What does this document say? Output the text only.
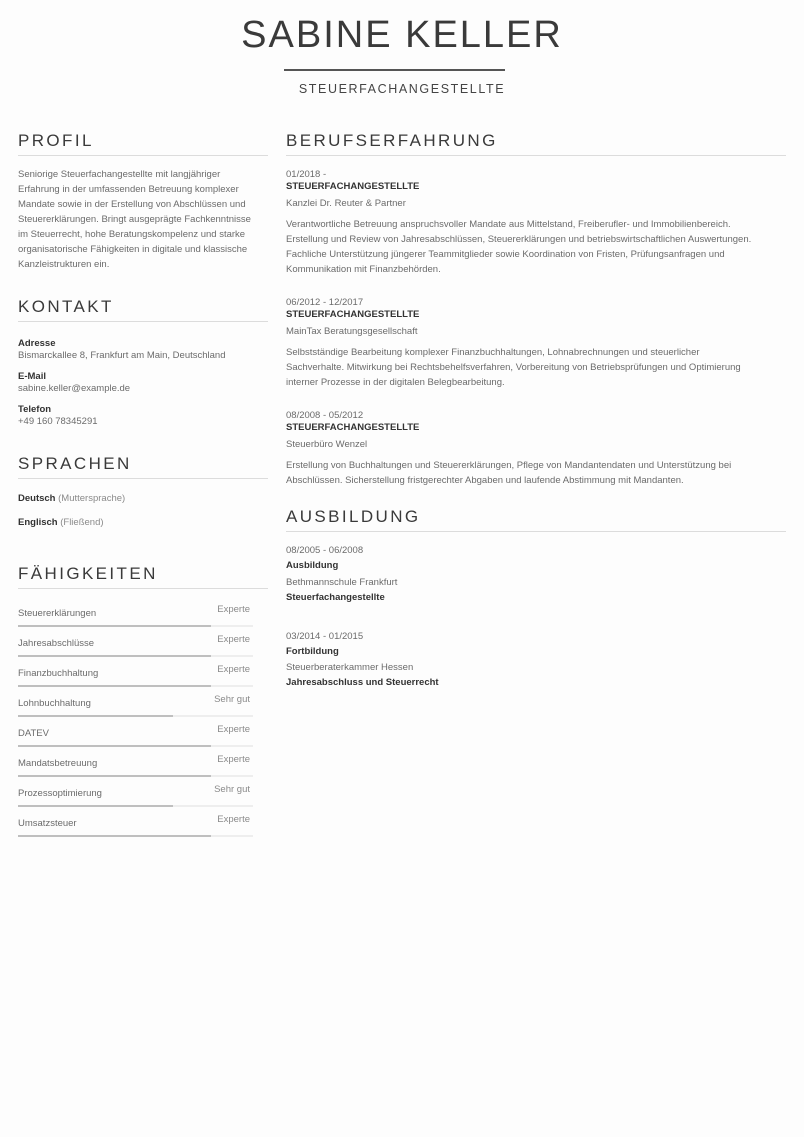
SABINE KELLER
STEUERFACHANGESTELLTE
PROFIL
Seniorige Steuerfachangestellte mit langjähriger
Erfahrung in der umfassenden Betreuung komplexer
Mandate sowie in der Erstellung von Abschlüssen und
Steuererklärungen. Bringt ausgeprägte Fachkenntnisse
im Steuerrecht, hohe Beratungskompelenz und starke
organisatorische Fähigkeiten in digitale und klassische
Kanzleistrukturen ein.
KONTAKT
Adresse
Bismarckallee 8, Frankfurt am Main, Deutschland
E-Mail
sabine.keller@example.de
Telefon
+49 160 78345291
SPRACHEN
Deutsch (Muttersprache)
Englisch (Fließend)
FÄHIGKEITEN
Steuererklärungen	Experte
Jahresabschlüsse	Experte
Finanzbuchhaltung	Experte
Lohnbuchhaltung	Sehr gut
DATEV	Experte
Mandatsbetreuung	Experte
Prozessoptimierung	Sehr gut
Umsatzsteuer	Experte
BERUFSERFAHRUNG
01/2018 -
STEUERFACHANGESTELLTE
Kanzlei Dr. Reuter & Partner
Verantwortliche Betreuung anspruchsvoller Mandate aus Mittelstand, Freiberufler- und Immobilienbereich.
Erstellung und Review von Jahresabschlüssen, Steuererklärungen und betriebswirtschaftlichen Auswertungen.
Fachliche Unterstützung jüngerer Teammitglieder sowie Koordination von Fristen, Prüfungsanfragen und
Kommunikation mit Finanzbehörden.
06/2012 - 12/2017
STEUERFACHANGESTELLTE
MainTax Beratungsgesellschaft
Selbstständige Bearbeitung komplexer Finanzbuchhaltungen, Lohnabrechnungen und steuerlicher
Sachverhalte. Mitwirkung bei Rechtsbehelfsverfahren, Vorbereitung von Betriebsprüfungen und Optimierung
interner Prozesse in der digitalen Belegbearbeitung.
08/2008 - 05/2012
STEUERFACHANGESTELLTE
Steuerbüro Wenzel
Erstellung von Buchhaltungen und Steuererklärungen, Pflege von Mandantendaten und Unterstützung bei
Abschlüssen. Sicherstellung fristgerechter Abgaben und laufende Abstimmung mit Mandanten.
AUSBILDUNG
08/2005 - 06/2008
Ausbildung
Bethmannschule Frankfurt
Steuerfachangestellte
03/2014 - 01/2015
Fortbildung
Steuerberaterkammer Hessen
Jahresabschluss und Steuerrecht
